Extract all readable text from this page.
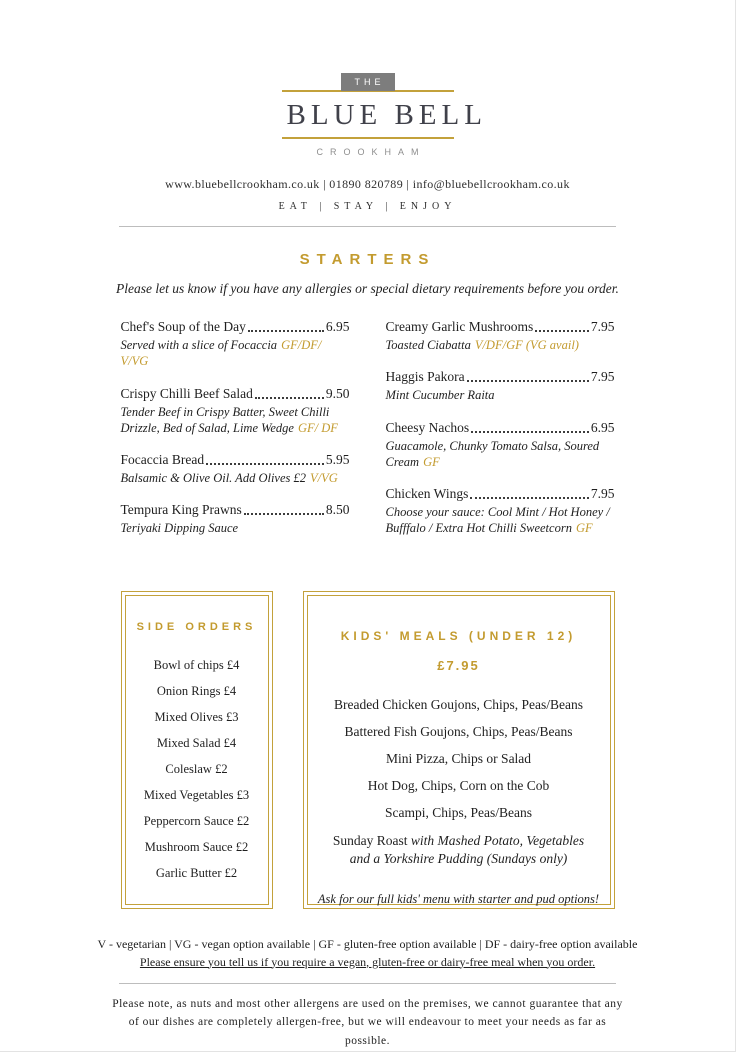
THE
BLUE BELL
CROOKHAM
www.bluebellcrookham.co.uk | 01890 820789 | info@bluebellcrookham.co.uk
EAT | STAY | ENJOY
STARTERS
Please let us know if you have any allergies or special dietary requirements before you order.
Chef's Soup of the Day	6.95
Served with a slice of Focaccia GF/DF/ V/VG
Crispy Chilli Beef Salad	9.50
Tender Beef in Crispy Batter, Sweet Chilli Drizzle, Bed of Salad, Lime Wedge GF/ DF
Focaccia Bread	5.95
Balsamic & Olive Oil. Add Olives £2 V/VG
Tempura King Prawns	8.50
Teriyaki Dipping Sauce
Creamy Garlic Mushrooms	7.95
Toasted Ciabatta V/DF/GF (VG avail)
Haggis Pakora	7.95
Mint Cucumber Raita
Cheesy Nachos	6.95
Guacamole, Chunky Tomato Salsa, Soured Cream GF
Chicken Wings	7.95
Choose your sauce: Cool Mint / Hot Honey / Bufffalo / Extra Hot Chilli Sweetcorn GF
SIDE ORDERS
Bowl of chips £4
Onion Rings £4
Mixed Olives £3
Mixed Salad £4
Coleslaw £2
Mixed Vegetables £3
Peppercorn Sauce £2
Mushroom Sauce £2
Garlic Butter £2
KIDS' MEALS (UNDER 12)
£7.95
Breaded Chicken Goujons, Chips, Peas/Beans
Battered Fish Goujons, Chips, Peas/Beans
Mini Pizza, Chips or Salad
Hot Dog, Chips, Corn on the Cob
Scampi, Chips, Peas/Beans
Sunday Roast with Mashed Potato, Vegetables and a Yorkshire Pudding (Sundays only)
Ask for our full kids' menu with starter and pud options!
V - vegetarian | VG - vegan option available | GF - gluten-free option available | DF - dairy-free option available
Please ensure you tell us if you require a vegan, gluten-free or dairy-free meal when you order.
Please note, as nuts and most other allergens are used on the premises, we cannot guarantee that any of our dishes are completely allergen-free, but we will endeavour to meet your needs as far as possible.
